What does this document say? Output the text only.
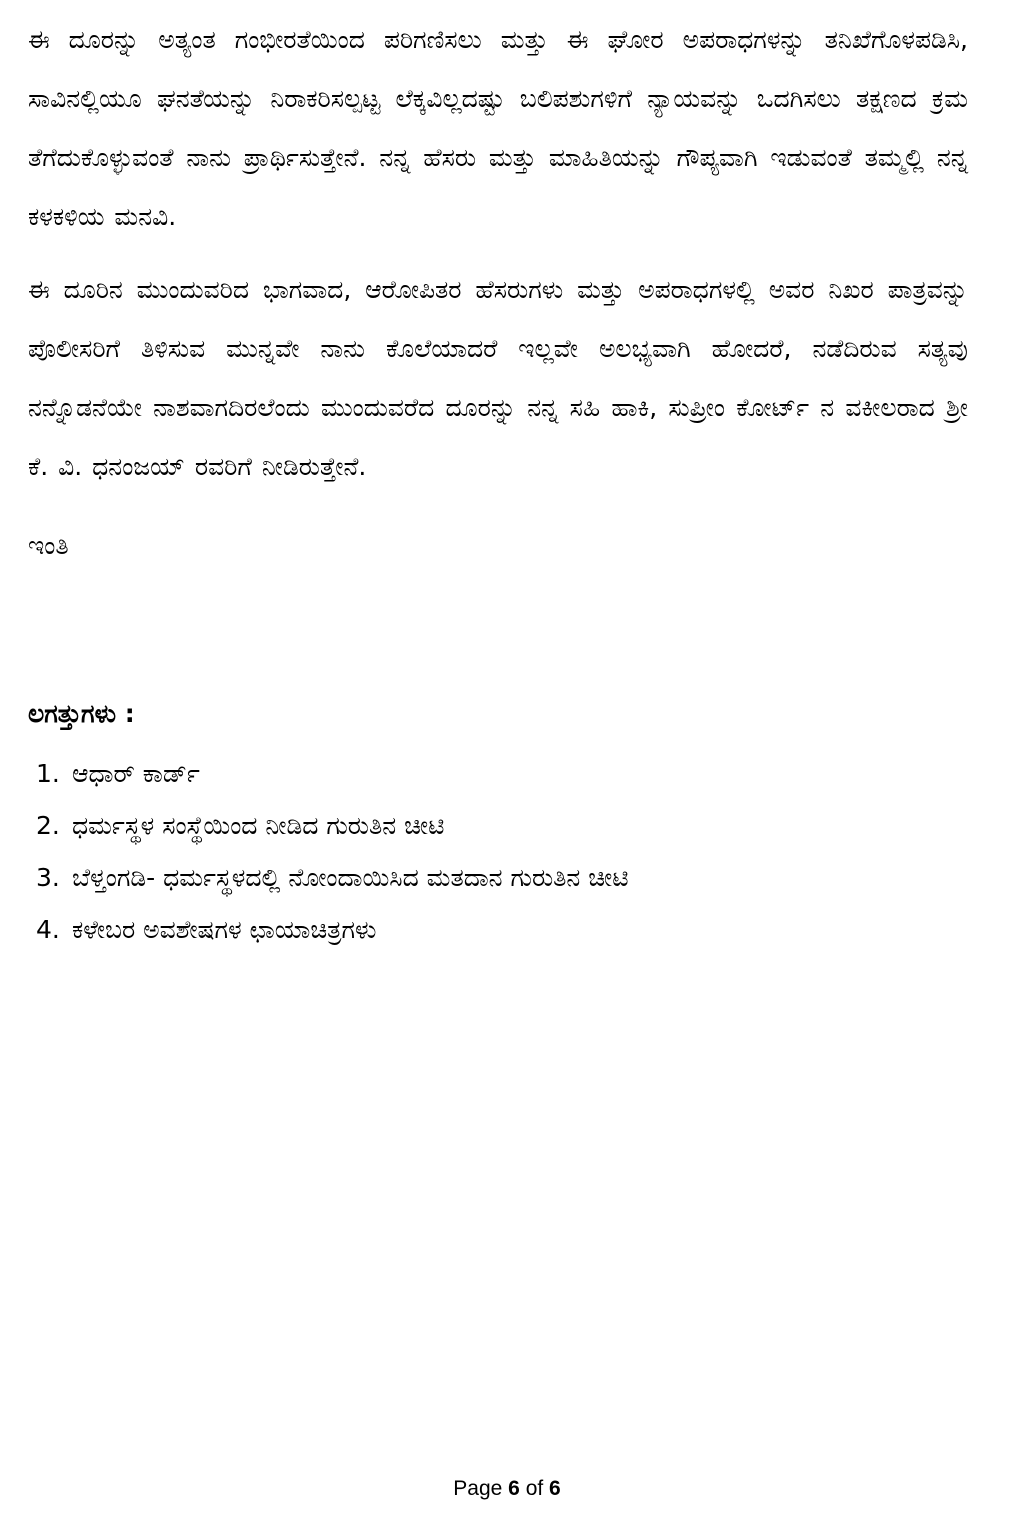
ಈ ದೂರನ್ನು ಅತ್ಯಂತ ಗಂಭೀರತೆಯಿಂದ ಪರಿಗಣಿಸಲು ಮತ್ತು ಈ ಘೋರ ಅಪರಾಧಗಳನ್ನು ತನಿಖೆಗೊಳಪಡಿಸಿ, ಸಾವಿನಲ್ಲಿಯೂ ಘನತೆಯನ್ನು ನಿರಾಕರಿಸಲ್ಪಟ್ಟ ಲೆಕ್ಕವಿಲ್ಲದಷ್ಟು ಬಲಿಪಶುಗಳಿಗೆ ನ್ಯಾಯವನ್ನು ಒದಗಿಸಲು ತಕ್ಷಣದ ಕ್ರಮ ತೆಗೆದುಕೊಳ್ಳುವಂತೆ ನಾನು ಪ್ರಾರ್ಥಿಸುತ್ತೇನೆ. ನನ್ನ ಹೆಸರು ಮತ್ತು ಮಾಹಿತಿಯನ್ನು ಗೌಪ್ಯವಾಗಿ ಇಡುವಂತೆ ತಮ್ಮಲ್ಲಿ ನನ್ನ ಕಳಕಳಿಯ ಮನವಿ.

ಈ ದೂರಿನ ಮುಂದುವರಿದ ಭಾಗವಾದ, ಆರೋಪಿತರ ಹೆಸರುಗಳು ಮತ್ತು ಅಪರಾಧಗಳಲ್ಲಿ ಅವರ ನಿಖರ ಪಾತ್ರವನ್ನು ಪೊಲೀಸರಿಗೆ ತಿಳಿಸುವ ಮುನ್ನವೇ ನಾನು ಕೊಲೆಯಾದರೆ ಇಲ್ಲವೇ ಅಲಭ್ಯವಾಗಿ ಹೋದರೆ, ನಡೆದಿರುವ ಸತ್ಯವು ನನ್ನೊಡನೆಯೇ ನಾಶವಾಗದಿರಲೆಂದು ಮುಂದುವರೆದ ದೂರನ್ನು ನನ್ನ ಸಹಿ ಹಾಕಿ, ಸುಪ್ರೀಂ ಕೋರ್ಟ್ ನ ವಕೀಲರಾದ ಶ್ರೀ ಕೆ. ವಿ. ಧನಂಜಯ್ ರವರಿಗೆ ನೀಡಿರುತ್ತೇನೆ.

ಇಂತಿ

ಲಗತ್ತುಗಳು :

1. ಆಧಾರ್ ಕಾರ್ಡ್
2. ಧರ್ಮಸ್ಥಳ ಸಂಸ್ಥೆಯಿಂದ ನೀಡಿದ ಗುರುತಿನ ಚೀಟಿ
3. ಬೆಳ್ತಂಗಡಿ- ಧರ್ಮಸ್ಥಳದಲ್ಲಿ ನೋಂದಾಯಿಸಿದ ಮತದಾನ ಗುರುತಿನ ಚೀಟಿ
4. ಕಳೇಬರ ಅವಶೇಷಗಳ ಛಾಯಾಚಿತ್ರಗಳು
Page 6 of 6
